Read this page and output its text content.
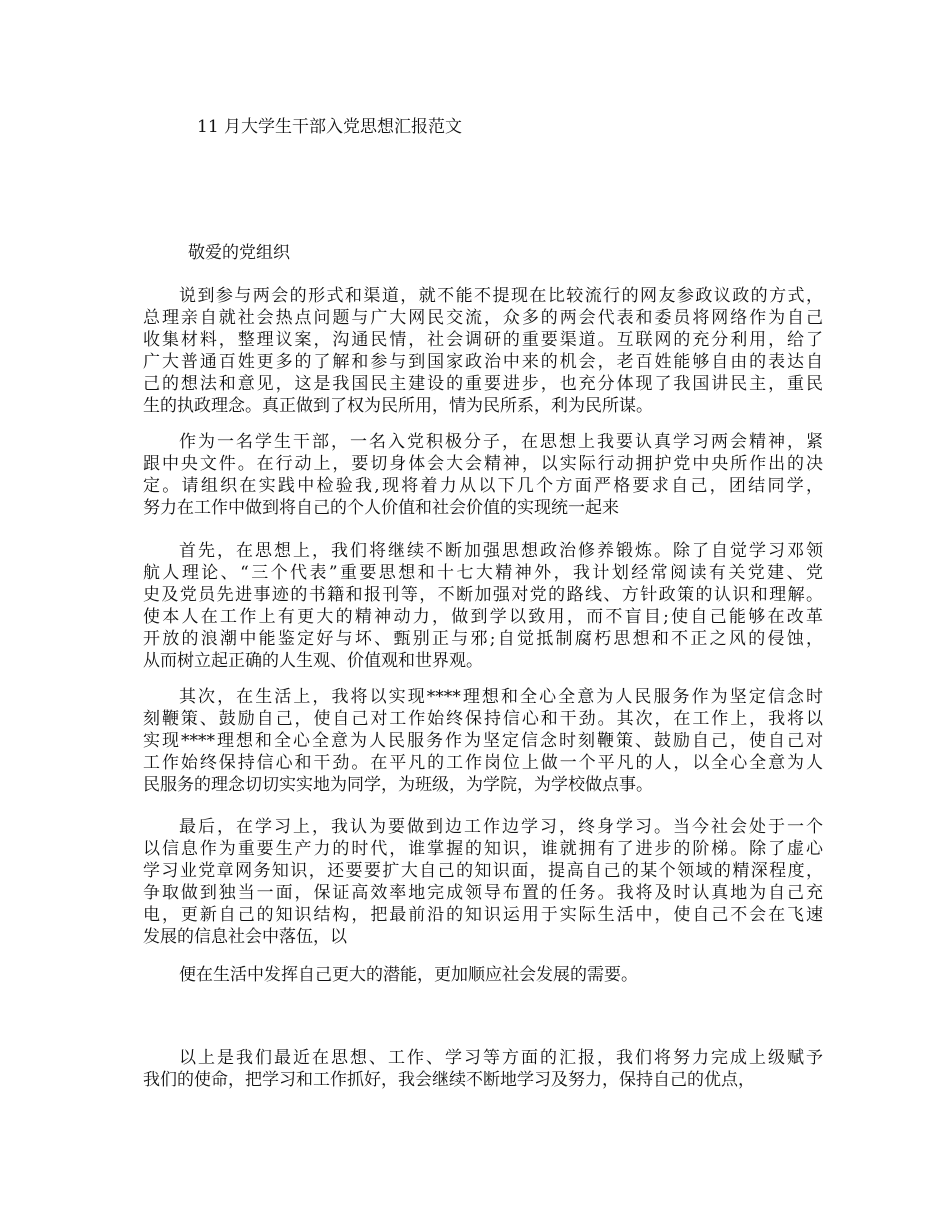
11 月大学生干部入党思想汇报范文
敬爱的党组织
说到参与两会的形式和渠道，就不能不提现在比较流行的网友参政议政的方式，
总理亲自就社会热点问题与广大网民交流，众多的两会代表和委员将网络作为自己
收集材料，整理议案，沟通民情，社会调研的重要渠道。互联网的充分利用，给了
广大普通百姓更多的了解和参与到国家政治中来的机会，老百姓能够自由的表达自
己的想法和意见，这是我国民主建设的重要进步，也充分体现了我国讲民主，重民
生的执政理念。真正做到了权为民所用，情为民所系，利为民所谋。
作为一名学生干部，一名入党积极分子，在思想上我要认真学习两会精神，紧
跟中央文件。在行动上，要切身体会大会精神，以实际行动拥护党中央所作出的决
定。请组织在实践中检验我,现将着力从以下几个方面严格要求自己，团结同学，
努力在工作中做到将自己的个人价值和社会价值的实现统一起来
首先，在思想上，我们将继续不断加强思想政治修养锻炼。除了自觉学习邓领
航人理论、“三个代表”重要思想和十七大精神外，我计划经常阅读有关党建、党
史及党员先进事迹的书籍和报刊等，不断加强对党的路线、方针政策的认识和理解。
使本人在工作上有更大的精神动力，做到学以致用，而不盲目;使自己能够在改革
开放的浪潮中能鉴定好与坏、甄别正与邪;自觉抵制腐朽思想和不正之风的侵蚀，
从而树立起正确的人生观、价值观和世界观。
其次，在生活上，我将以实现****理想和全心全意为人民服务作为坚定信念时
刻鞭策、鼓励自己，使自己对工作始终保持信心和干劲。其次，在工作上，我将以
实现****理想和全心全意为人民服务作为坚定信念时刻鞭策、鼓励自己，使自己对
工作始终保持信心和干劲。在平凡的工作岗位上做一个平凡的人，以全心全意为人
民服务的理念切切实实地为同学，为班级，为学院，为学校做点事。
最后，在学习上，我认为要做到边工作边学习，终身学习。当今社会处于一个
以信息作为重要生产力的时代，谁掌握的知识，谁就拥有了进步的阶梯。除了虚心
学习业党章网务知识，还要要扩大自己的知识面，提高自己的某个领域的精深程度，
争取做到独当一面，保证高效率地完成领导布置的任务。我将及时认真地为自己充
电，更新自己的知识结构，把最前沿的知识运用于实际生活中，使自己不会在飞速
发展的信息社会中落伍，以
便在生活中发挥自己更大的潜能，更加顺应社会发展的需要。
以上是我们最近在思想、工作、学习等方面的汇报，我们将努力完成上级赋予
我们的使命，把学习和工作抓好，我会继续不断地学习及努力，保持自己的优点，
